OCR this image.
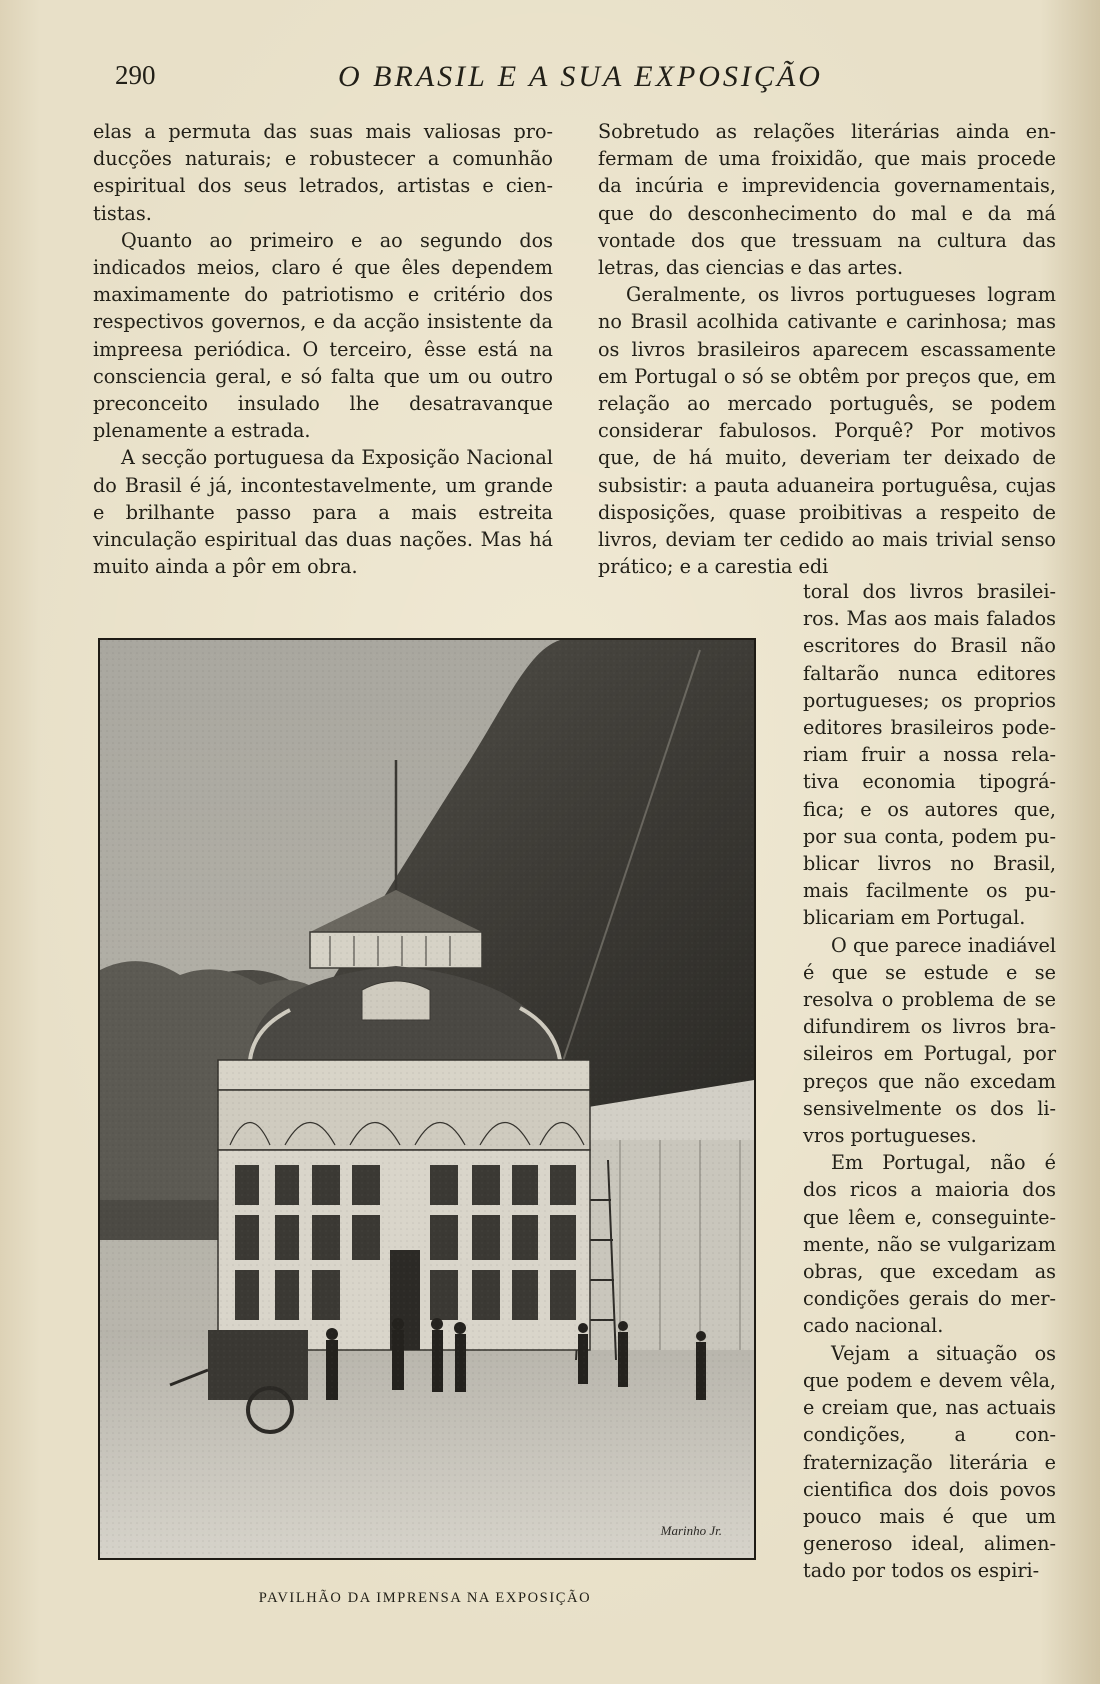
290	O BRASIL E A SUA EXPOSIÇÃO

elas a permuta das suas mais valiosas producções naturais; e robustecer a comunhão espiritual dos seus letrados, artistas e cientistas.

Quanto ao primeiro e ao segundo dos indicados meios, claro é que êles dependem maximamente do patriotismo e critério dos respectivos governos, e da acção insistente da impreesa periódica. O terceiro, êsse está na consciencia geral, e só falta que um ou outro preconceito insulado lhe desatravanque plenamente a estrada.

A secção portuguesa da Exposição Nacional do Brasil é já, incontestavelmente, um grande e brilhante passo para a mais estreita vinculação espiritual das duas nações. Mas há muito ainda a pôr em obra.

Sobretudo as relações literárias ainda enfermam de uma froixidão, que mais procede da incúria e imprevidencia governamentais, que do desconhecimento do mal e da má vontade dos que tressuam na cultura das letras, das ciencias e das artes.

Geralmente, os livros portugueses logram no Brasil acolhida cativante e carinhosa; mas os livros brasileiros aparecem escassamente em Portugal o só se obtêm por preços que, em relação ao mercado português, se podem considerar fabulosos. Porquê? Por motivos que, de há muito, deveriam ter deixado de subsistir: a pauta aduaneira portuguêsa, cujas disposições, quase proibitivas a respeito de livros, deviam ter cedido ao mais trivial senso prático; e a carestia edi

toral dos livros brasileiros. Mas aos mais falados escritores do Brasil não faltarão nunca editores portugueses; os proprios editores brasileiros poderiam fruir a nossa relativa economia tipográfica; e os autores que, por sua conta, podem publicar livros no Brasil, mais facilmente os publicariam em Portugal.

O que parece inadiável é que se estude e se resolva o problema de se difundirem os livros brasileiros em Portugal, por preços que não excedam sensivelmente os dos livros portugueses.

Em Portugal, não é dos ricos a maioria dos que lêem e, conseguintemente, não se vulgarizam obras, que excedam as condições gerais do mercado nacional.

Vejam a situação os que podem e devem vêla, e creiam que, nas actuais condições, a confraternização literária e cientifica dos dois povos pouco mais é que um generoso ideal, alimentado por todos os espiri-

Marinho Jr.
PAVILHÃO DA IMPRENSA NA EXPOSIÇÃO
